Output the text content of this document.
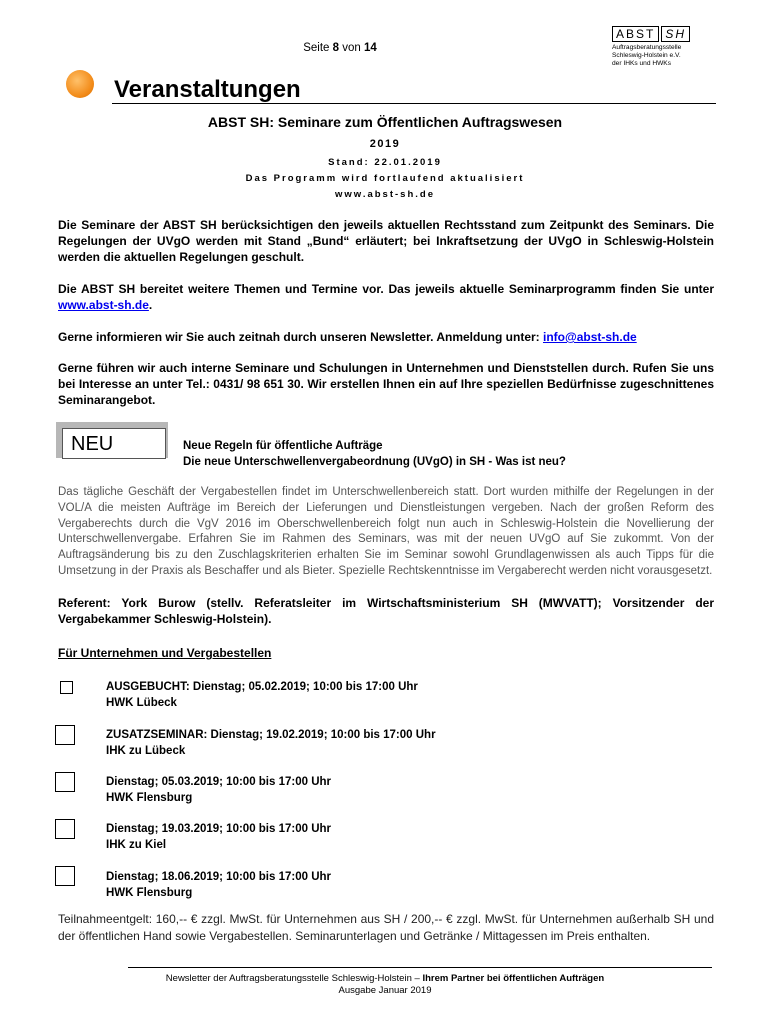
Seite 8 von 14
ABST SH
Auftragsberatungsstelle
Schleswig-Holstein e.V.
der IHKs und HWKs
Veranstaltungen
ABST SH: Seminare zum Öffentlichen Auftragswesen
2019
Stand: 22.01.2019
Das Programm wird fortlaufend aktualisiert
www.abst-sh.de
Die Seminare der ABST SH berücksichtigen den jeweils aktuellen Rechtsstand zum Zeitpunkt des Seminars. Die Regelungen der UVgO werden mit Stand „Bund“ erläutert; bei Inkraftsetzung der UVgO in Schleswig-Holstein werden die aktuellen Regelungen geschult.
Die ABST SH bereitet weitere Themen und Termine vor. Das jeweils aktuelle Seminarprogramm finden Sie unter www.abst-sh.de.
Gerne informieren wir Sie auch zeitnah durch unseren Newsletter. Anmeldung unter: info@abst-sh.de
Gerne führen wir auch interne Seminare und Schulungen in Unternehmen und Dienststellen durch. Rufen Sie uns bei Interesse an unter Tel.: 0431/ 98 651 30. Wir erstellen Ihnen ein auf Ihre speziellen Bedürfnisse zugeschnittenes Seminarangebot.
NEU	Neue Regeln für öffentliche Aufträge
Die neue Unterschwellenvergabeordnung (UVgO) in SH - Was ist neu?
Das tägliche Geschäft der Vergabestellen findet im Unterschwellenbereich statt. Dort wurden mithilfe der Regelungen in der VOL/A die meisten Aufträge im Bereich der Lieferungen und Dienstleistungen vergeben. Nach der großen Reform des Vergaberechts durch die VgV 2016 im Oberschwellenbereich folgt nun auch in Schleswig-Holstein die Novellierung der Unterschwellenvergabe. Erfahren Sie im Rahmen des Seminars, was mit der neuen UVgO auf Sie zukommt. Von der Auftragsänderung bis zu den Zuschlagskriterien erhalten Sie im Seminar sowohl Grundlagenwissen als auch Tipps für die Umsetzung in der Praxis als Beschaffer und als Bieter. Spezielle Rechtskenntnisse im Vergaberecht werden nicht vorausgesetzt.
Referent: York Burow (stellv. Referatsleiter im Wirtschaftsministerium SH (MWVATT); Vorsitzender der Vergabekammer Schleswig-Holstein).
Für Unternehmen und Vergabestellen
AUSGEBUCHT: Dienstag; 05.02.2019; 10:00 bis 17:00 Uhr
HWK Lübeck
ZUSATZSEMINAR: Dienstag; 19.02.2019; 10:00 bis 17:00 Uhr
IHK zu Lübeck
Dienstag; 05.03.2019; 10:00 bis 17:00 Uhr
HWK Flensburg
Dienstag; 19.03.2019; 10:00 bis 17:00 Uhr
IHK zu Kiel
Dienstag; 18.06.2019; 10:00 bis 17:00 Uhr
HWK Flensburg
Teilnahmeentgelt: 160,-- € zzgl. MwSt. für Unternehmen aus SH / 200,-- € zzgl. MwSt. für Unternehmen außerhalb SH und der öffentlichen Hand sowie Vergabestellen. Seminarunterlagen und Getränke / Mittagessen im Preis enthalten.
Newsletter der Auftragsberatungsstelle Schleswig-Holstein – Ihrem Partner bei öffentlichen Aufträgen
Ausgabe Januar 2019
